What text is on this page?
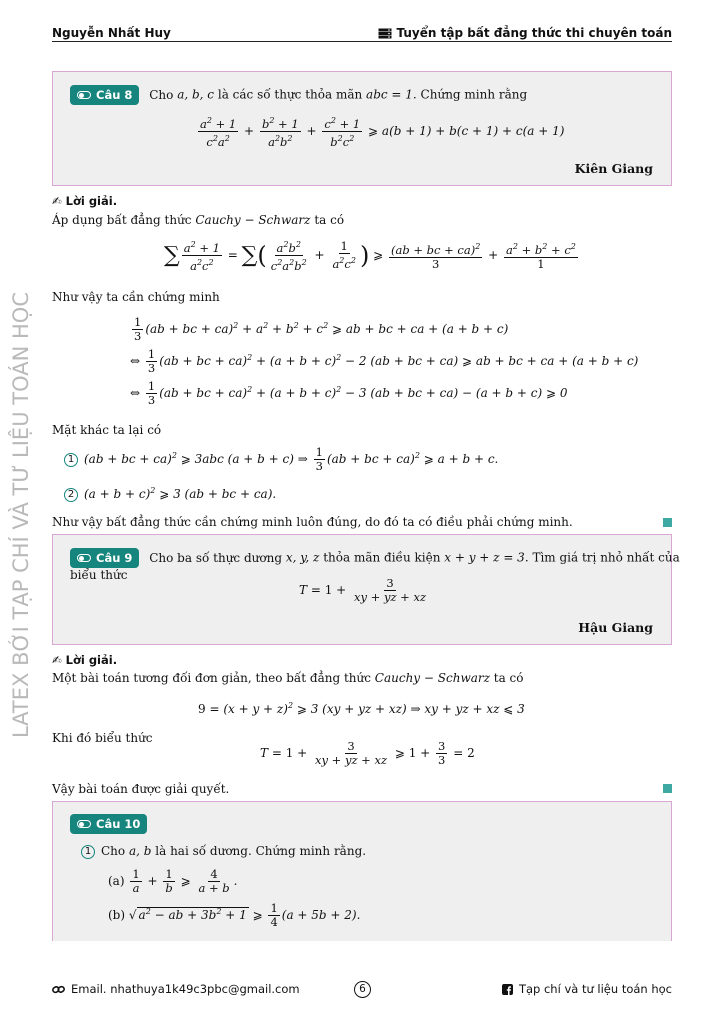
LATEX BỞI TẠP CHÍ VÀ TƯ LIỆU TOÁN HỌC
Nguyễn Nhất Huy	Tuyển tập bất đẳng thức thi chuyên toán
Câu 8 Cho a, b, c là các số thực thỏa mãn abc = 1. Chứng minh rằng
$\frac{a^2 + 1}{c^2a^2} + \frac{b^2 + 1}{a^2b^2} + \frac{c^2 + 1}{b^2c^2}$ ⩾ a(b + 1) + b(c + 1) + c(a + 1)
Kiên Giang
✍ Lời giải.
Áp dụng bất đẳng thức Cauchy − Schwarz ta có
∑ $\frac{a^2 + 1}{a^2c^2}$ = ∑( $\frac{a^2b^2}{c^2a^2b^2} + \frac{1}{a^2c^2}$ ) ⩾ $\frac{(ab + bc + ca)^2}{3} + \frac{a^2 + b^2 + c^2}{1}$
Như vậy ta cần chứng minh
$\frac{1}{3} (ab$ + bc + $ca)^2 + a^2 + b^2 + c^2$ ⩾ ab + bc + ca + (a + b + c)
⇔ $\frac{1}{3} (ab$ + bc + $ca)^2 + (a + b + c)^2 - 2$ (ab + bc + ca) ⩾ ab + bc + ca + (a + b + c)
⇔ $\frac{1}{3} (ab$ + bc + $ca)^2 + (a + b + c)^2 - 3$ (ab + bc + ca) − (a + b + c) ⩾ 0
Mặt khác ta lại có
1 (ab + bc + ca)$^2$ ⩾ 3abc (a + b + c) ⇒ $\frac{1}{3} (ab$ + bc + ca)$^2$ ⩾ a + b + c.
2 $(a + b + c)^2$ ⩾ 3 (ab + bc + ca).
Như vậy bất đẳng thức cần chứng minh luôn đúng, do đó ta có điều phải chứng minh.
Câu 9 Cho ba số thực dương x, y, z thỏa mãn điều kiện x + y + z = 3. Tìm giá trị nhỏ nhất của
biểu thức
$T = 1 + \frac{3}{xy + yz + xz}$
Hậu Giang
✍ Lời giải.
Một bài toán tương đối đơn giản, theo bất đẳng thức Cauchy − Schwarz ta có
$9 = (x + y + z)^2$ ⩾ 3 (xy + yz + xz) ⇒ xy + yz + xz ⩽ 3
Khi đó biểu thức
$T = 1 + \frac{3}{xy + yz + xz}$ ⩾ $1 + \frac{3}{3} = 2$
Vậy bài toán được giải quyết.
Câu 10
1 Cho a, b là hai số dương. Chứng minh rằng.
$(a) \frac{1}{a} + \frac{1}{b}$ ⩾ $\frac{4}{a + b}$ .
(b) √ $a^2$ − ab + $3b^2 + 1$ ⩾ $\frac{1}{4} (a + 5b + 2)$.
Email. nhathuya1k49c3pbc@gmail.com	6	Tạp chí và tư liệu toán học
